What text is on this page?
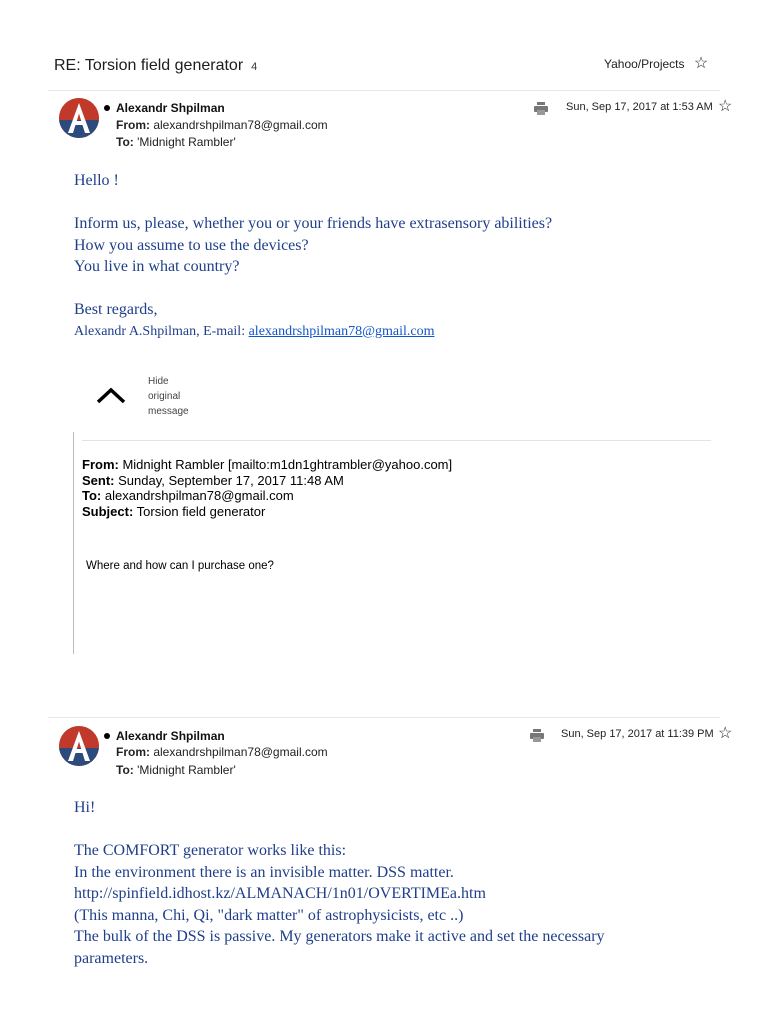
RE: Torsion field generator 4	Yahoo/Projects ☆
Alexandr Shpilman
From: alexandrshpilman78@gmail.com
To: 'Midnight Rambler'
Sun, Sep 17, 2017 at 1:53 AM ☆
Hello !
Inform us, please, whether you or your friends have extrasensory abilities?
How you assume to use the devices?
You live in what country?
Best regards,
Alexandr A.Shpilman, E-mail: alexandrshpilman78@gmail.com
Hide
original
message
From: Midnight Rambler [mailto:m1dn1ghtrambler@yahoo.com]
Sent: Sunday, September 17, 2017 11:48 AM
To: alexandrshpilman78@gmail.com
Subject: Torsion field generator
Where and how can I purchase one?
Alexandr Shpilman
From: alexandrshpilman78@gmail.com
To: 'Midnight Rambler'
Sun, Sep 17, 2017 at 11:39 PM ☆
Hi!
The COMFORT generator works like this:
In the environment there is an invisible matter. DSS matter.
http://spinfield.idhost.kz/ALMANACH/1n01/OVERTIMEa.htm
(This manna, Chi, Qi, "dark matter" of astrophysicists, etc ..)
The bulk of the DSS is passive. My generators make it active and set the necessary
parameters.
